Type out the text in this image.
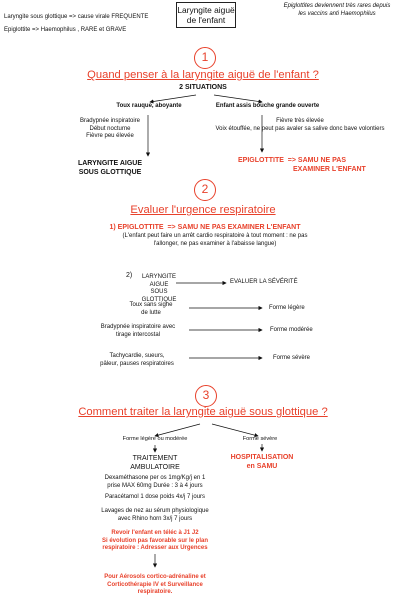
Laryngite sous glottique => cause virale FREQUENTE
Epiglottite => Haemophilus , RARE et GRAVE
Laryngite aiguë
de l'enfant
Epiglottites deviennent très rares depuis
les vaccins anti Haemophilus
1
Quand penser à la laryngite aiguë de l'enfant ?
2 SITUATIONS
Toux rauque, aboyante
Bradypnée inspiratoire
Début nocturne
Fièvre peu élevée
LARYNGITE AIGUE
SOUS GLOTTIQUE
Enfant assis bouche grande ouverte
Fièvre très élevée
Voix étouffée, ne peut pas avaler sa salive donc bave volontiers
EPIGLOTTITE => SAMU NE PAS
EXAMINER L'ENFANT
2
Evaluer l'urgence respiratoire
1) EPIGLOTTITE => SAMU NE PAS EXAMINER L'ENFANT
(L'enfant peut faire un arrêt cardio respiratoire à tout moment : ne pas
l'allonger, ne pas examiner à l'abaisse langue)
2)	LARYNGITE AIGUE
SOUS GLOTTIQUE
EVALUER LA SÉVÉRITÉ
Toux sans signe
de lutte
Forme légère
Bradypnée inspiratoire avec
tirage intercostal
Forme modérée
Tachycardie, sueurs,
pâleur, pauses respiratoires
Forme sévère
3
Comment traiter la laryngite aiguë sous glottique ?
Forme légère ou modérée	Forme sévère
TRAITEMENT
AMBULATOIRE
HOSPITALISATION
en SAMU
Dexaméthasone per os 1mg/Kg/j en 1
prise MAX 60mg Durée : 3 à 4 jours
Paracétamol 1 dose poids 4x/j 7 jours
Lavages de nez au sérum physiologique
avec Rhino horn 3x/j 7 jours
Revoir l'enfant en téléc à J1 J2
Si évolution pas favorable sur le plan
respiratoire : Adresser aux Urgences
Pour Aérosols cortico-adrénaline et
Corticothérapie IV et Surveillance
respiratoire.
